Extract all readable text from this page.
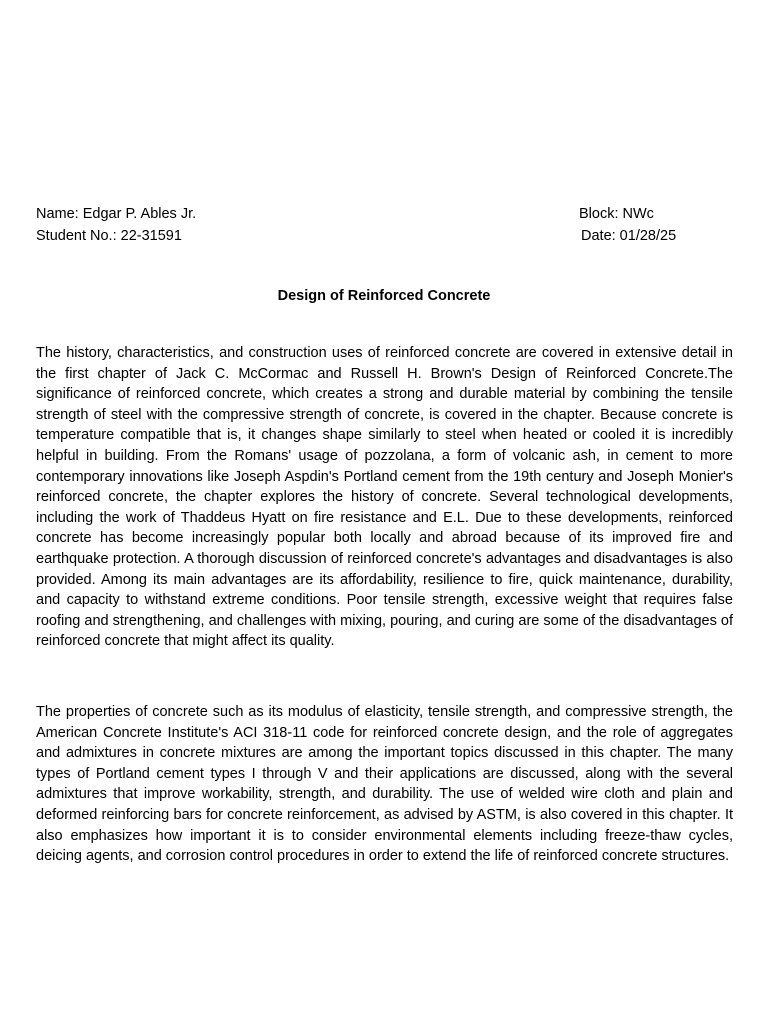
Name: Edgar P. Ables Jr.	Block: NWc
Student No.: 22-31591	Date: 01/28/25
Design of Reinforced Concrete

The history, characteristics, and construction uses of reinforced concrete are covered in extensive detail in the first chapter of Jack C. McCormac and Russell H. Brown's Design of Reinforced Concrete.The significance of reinforced concrete, which creates a strong and durable material by combining the tensile strength of steel with the compressive strength of concrete, is covered in the chapter. Because concrete is temperature compatible that is, it changes shape similarly to steel when heated or cooled it is incredibly helpful in building. From the Romans' usage of pozzolana, a form of volcanic ash, in cement to more contemporary innovations like Joseph Aspdin's Portland cement from the 19th century and Joseph Monier's reinforced concrete, the chapter explores the history of concrete. Several technological developments, including the work of Thaddeus Hyatt on fire resistance and E.L. Due to these developments, reinforced concrete has become increasingly popular both locally and abroad because of its improved fire and earthquake protection. A thorough discussion of reinforced concrete's advantages and disadvantages is also provided. Among its main advantages are its affordability, resilience to fire, quick maintenance, durability, and capacity to withstand extreme conditions. Poor tensile strength, excessive weight that requires false roofing and strengthening, and challenges with mixing, pouring, and curing are some of the disadvantages of reinforced concrete that might affect its quality.

The properties of concrete such as its modulus of elasticity, tensile strength, and compressive strength, the American Concrete Institute's ACI 318-11 code for reinforced concrete design, and the role of aggregates and admixtures in concrete mixtures are among the important topics discussed in this chapter. The many types of Portland cement types I through V and their applications are discussed, along with the several admixtures that improve workability, strength, and durability. The use of welded wire cloth and plain and deformed reinforcing bars for concrete reinforcement, as advised by ASTM, is also covered in this chapter. It also emphasizes how important it is to consider environmental elements including freeze-thaw cycles, deicing agents, and corrosion control procedures in order to extend the life of reinforced concrete structures.
